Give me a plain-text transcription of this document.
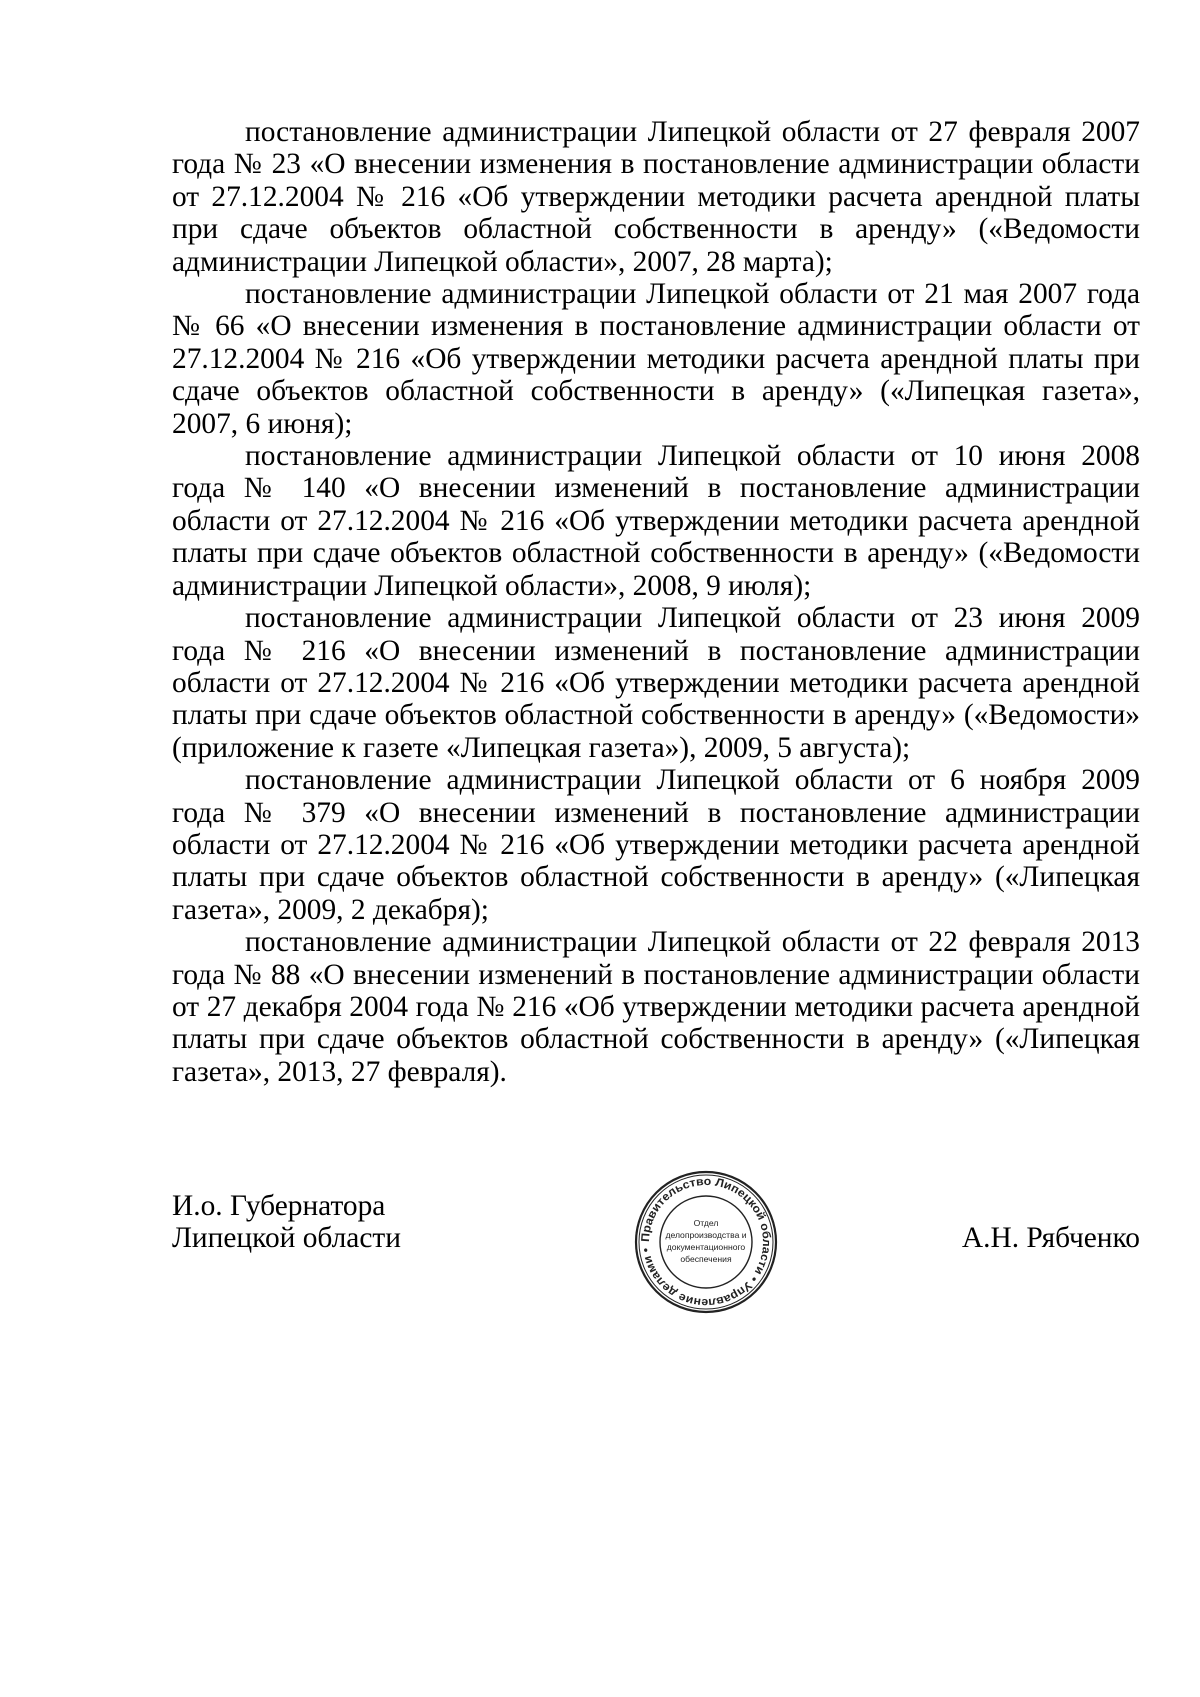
постановление администрации Липецкой области от 27 февраля 2007 года № 23 «О внесении изменения в постановление администрации области от 27.12.2004 № 216 «Об утверждении методики расчета арендной платы при сдаче объектов областной собственности в аренду» («Ведомости администрации Липецкой области», 2007, 28 марта);

постановление администрации Липецкой области от 21 мая 2007 года № 66 «О внесении изменения в постановление администрации области от 27.12.2004 № 216 «Об утверждении методики расчета арендной платы при сдаче объектов областной собственности в аренду» («Липецкая газета», 2007, 6 июня);

постановление администрации Липецкой области от 10 июня 2008 года № 140 «О внесении изменений в постановление администрации области от 27.12.2004 № 216 «Об утверждении методики расчета арендной платы при сдаче объектов областной собственности в аренду» («Ведомости администрации Липецкой области», 2008, 9 июля);

постановление администрации Липецкой области от 23 июня 2009 года № 216 «О внесении изменений в постановление администрации области от 27.12.2004 № 216 «Об утверждении методики расчета арендной платы при сдаче объектов областной собственности в аренду» («Ведомости» (приложение к газете «Липецкая газета»), 2009, 5 августа);

постановление администрации Липецкой области от 6 ноября 2009 года № 379 «О внесении изменений в постановление администрации области от 27.12.2004 № 216 «Об утверждении методики расчета арендной платы при сдаче объектов областной собственности в аренду» («Липецкая газета», 2009, 2 декабря);

постановление администрации Липецкой области от 22 февраля 2013 года № 88 «О внесении изменений в постановление администрации области от 27 декабря 2004 года № 216 «Об утверждении методики расчета арендной платы при сдаче объектов областной собственности в аренду» («Липецкая газета», 2013, 27 февраля).

И.о. Губернатора
Липецкой области	Правительство Липецкой области • Управление делами •
Отдел
делопроизводства и
документационного
обеспечения
А.Н. Рябченко
